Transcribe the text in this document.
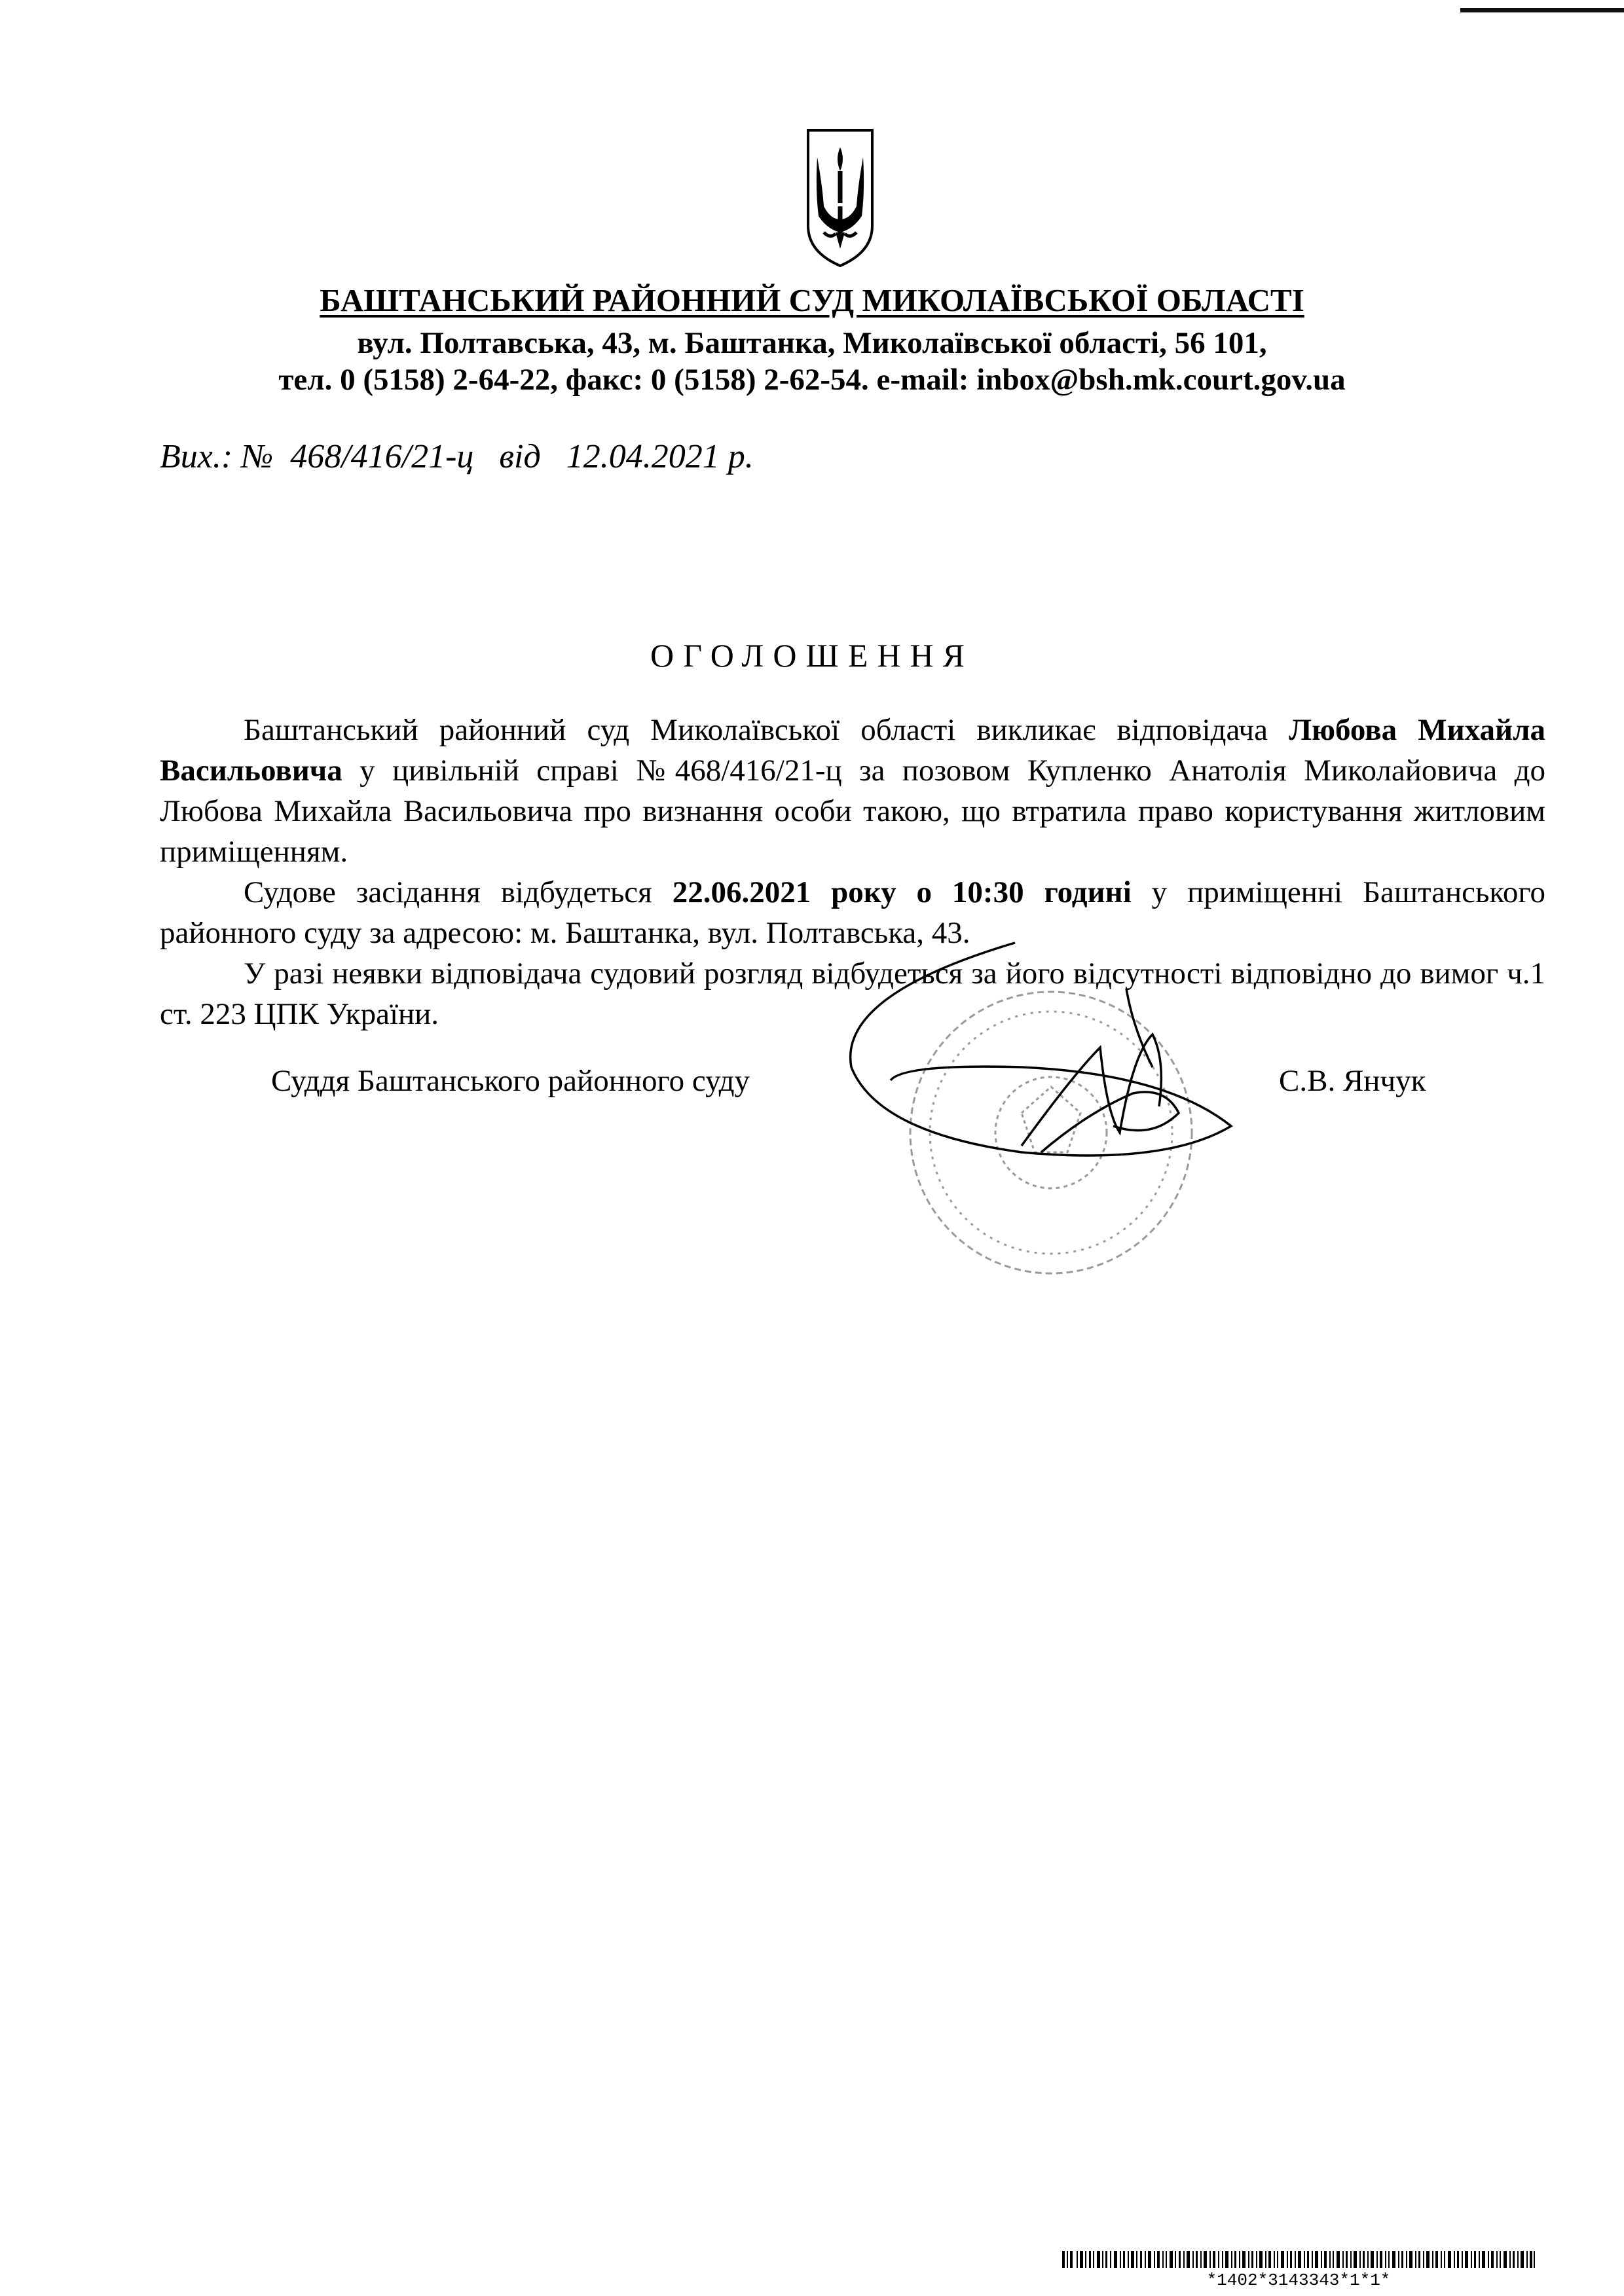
БАШТАНСЬКИЙ РАЙОННИЙ СУД МИКОЛАЇВСЬКОЇ ОБЛАСТІ
вул. Полтавська, 43, м. Баштанка, Миколаївської області, 56 101,
тел. 0 (5158) 2-64-22, факс: 0 (5158) 2-62-54. e-mail: inbox@bsh.mk.court.gov.ua
Вих.: № 468/416/21-ц від 12.04.2021 р.
ОГОЛОШЕННЯ

Баштанський районний суд Миколаївської області викликає відповідача Любова Михайла Васильовича у цивільній справі №468/416/21-ц за позовом Купленко Анатолія Миколайовича до Любова Михайла Васильовича про визнання особи такою, що втратила право користування житловим приміщенням.

Судове засідання відбудеться 22.06.2021 року о 10:30 годині у приміщенні Баштанського районного суду за адресою: м. Баштанка, вул. Полтавська, 43.

У разі неявки відповідача судовий розгляд відбудеться за його відсутності відповідно до вимог ч.1 ст. 223 ЦПК України.

Суддя Баштанського районного суду	С.В. Янчук
*1402*3143343*1*1*
